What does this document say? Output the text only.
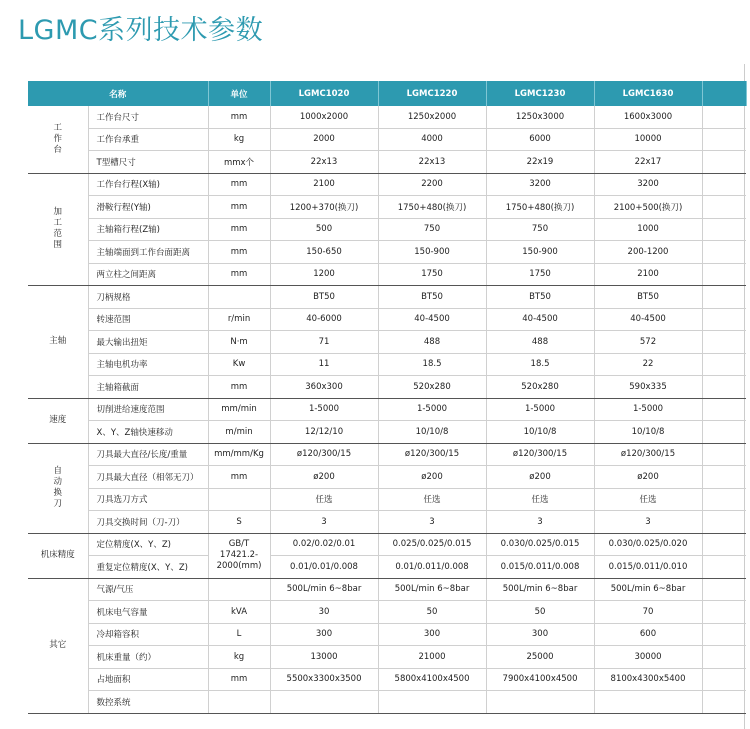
LGMC系列技术参数
名称		单位	LGMC1020	LGMC1220	LGMC1230	LGMC1630	
工作台	工作台尺寸	mm	1000x2000	1250x2000	1250x3000	1600x3000	
	工作台承重	kg	2000	4000	6000	10000	
	T型槽尺寸	mmx个	22x13	22x13	22x19	22x17	
加工范围	工作台行程(X轴)	mm	2100	2200	3200	3200	
	滑鞍行程(Y轴)	mm	1200+370(换刀)	1750+480(换刀)	1750+480(换刀)	2100+500(换刀)	
	主轴箱行程(Z轴)	mm	500	750	750	1000	
	主轴端面到工作台面距离	mm	150-650	150-900	150-900	200-1200	
	两立柱之间距离	mm	1200	1750	1750	2100	
主轴	刀柄规格		BT50	BT50	BT50	BT50	
	转速范围	r/min	40-6000	40-4500	40-4500	40-4500	
	最大输出扭矩	N·m	71	488	488	572	
	主轴电机功率	Kw	11	18.5	18.5	22	
	主轴箱截面	mm	360x300	520x280	520x280	590x335	
速度	切削进给速度范围	mm/min	1-5000	1-5000	1-5000	1-5000	
	X、Y、Z轴快速移动	m/min	12/12/10	10/10/8	10/10/8	10/10/8	
自动换刀	刀具最大直径/长度/重量	mm/mm/Kg	ø120/300/15	ø120/300/15	ø120/300/15	ø120/300/15	
	刀具最大直径（相邻无刀）	mm	ø200	ø200	ø200	ø200	
	刀具选刀方式		任选	任选	任选	任选	
	刀具交换时间（刀-刀）	S	3	3	3	3	
机床精度	定位精度(X、Y、Z)	GB/T 17421.2-2000(mm)	0.02/0.02/0.01	0.025/0.025/0.015	0.030/0.025/0.015	0.030/0.025/0.020	
	重复定位精度(X、Y、Z)		0.01/0.01/0.008	0.01/0.011/0.008	0.015/0.011/0.008	0.015/0.011/0.010	
其它	气源/气压		500L/min 6~8bar	500L/min 6~8bar	500L/min 6~8bar	500L/min 6~8bar	
	机床电气容量	kVA	30	50	50	70	
	冷却箱容积	L	300	300	300	600	
	机床重量（约）	kg	13000	21000	25000	30000	
	占地面积	mm	5500x3300x3500	5800x4100x4500	7900x4100x4500	8100x4300x5400	
	数控系统						
